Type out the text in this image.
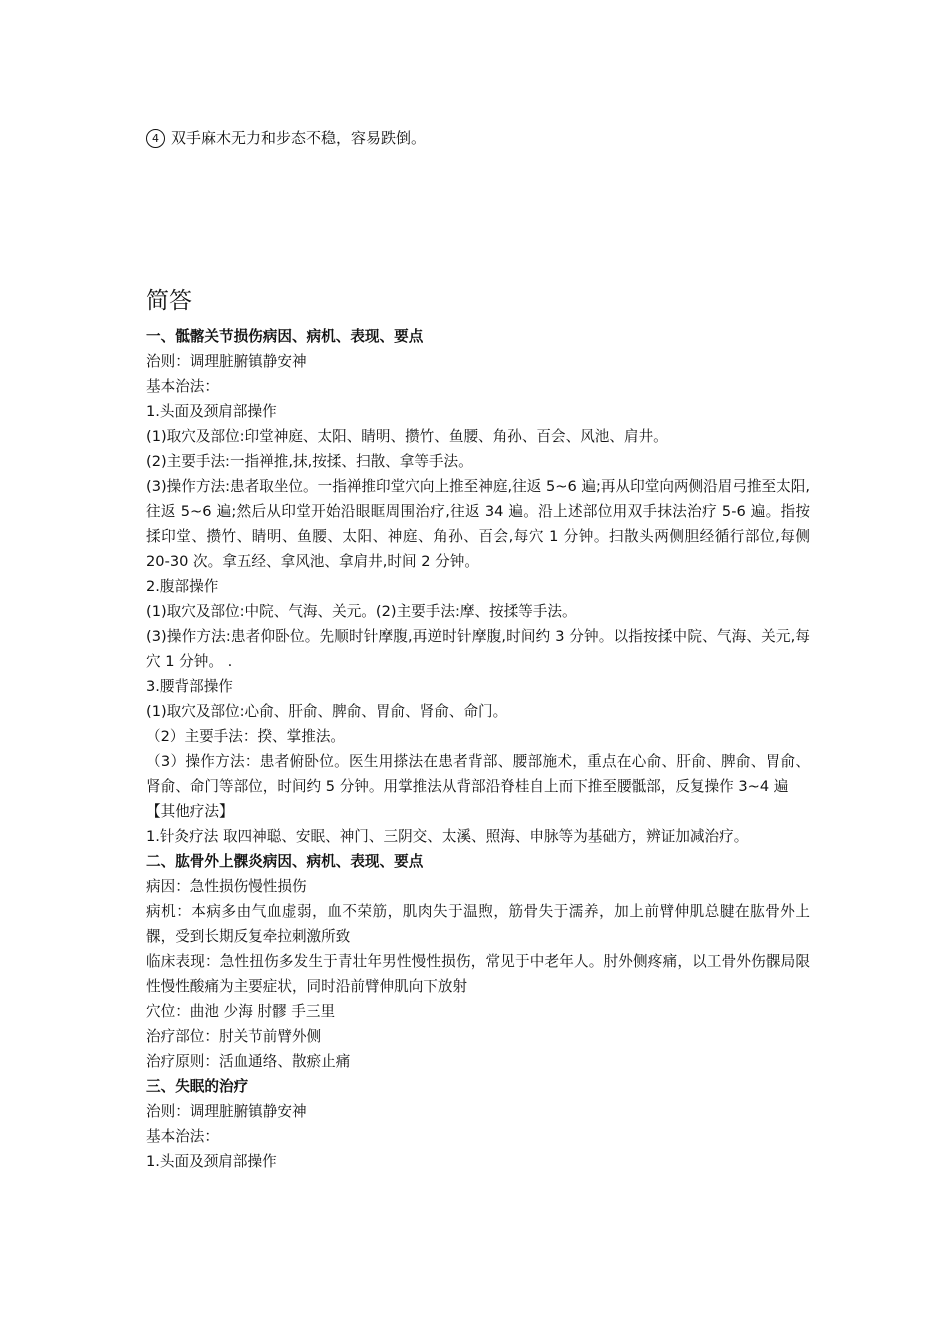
4 双手麻木无力和步态不稳，容易跌倒。
简答

一、骶髂关节损伤病因、病机、表现、要点

治则：调理脏腑镇静安神

基本治法：

1.头面及颈肩部操作

(1)取穴及部位:印堂神庭、太阳、睛明、攒竹、鱼腰、角孙、百会、风池、肩井。

(2)主要手法:一指禅推,抹,按揉、扫散、拿等手法。

(3)操作方法:患者取坐位。一指禅推印堂穴向上推至神庭,往返 5~6 遍;再从印堂向两侧沿眉弓推至太阳,往返 5~6 遍;然后从印堂开始沿眼眶周围治疗,往返 34 遍。沿上述部位用双手抹法治疗 5-6 遍。指按揉印堂、攒竹、睛明、鱼腰、太阳、神庭、角孙、百会,每穴 1 分钟。扫散头两侧胆经循行部位,每侧 20-30 次。拿五经、拿风池、拿肩井,时间 2 分钟。

2.腹部操作

(1)取穴及部位:中院、气海、关元。(2)主要手法:摩、按揉等手法。

(3)操作方法:患者仰卧位。先顺时针摩腹,再逆时针摩腹,时间约 3 分钟。以指按揉中院、气海、关元,每穴 1 分钟。 .

3.腰背部操作

(1)取穴及部位:心俞、肝俞、脾俞、胃俞、肾俞、命门。

（2）主要手法：揆、掌推法。

（3）操作方法：患者俯卧位。医生用搽法在患者背部、腰部施术，重点在心俞、肝俞、脾俞、胃俞、肾俞、命门等部位，时间约 5 分钟。用掌推法从背部沿脊桂自上而下推至腰骶部，反复操作 3~4 遍

【其他疗法】

1.针灸疗法 取四神聪、安眠、神门、三阴交、太溪、照海、申脉等为基础方，辨证加减治疗。

二、肱骨外上髁炎病因、病机、表现、要点

病因：急性损伤慢性损伤

病机：本病多由气血虚弱，血不荣筋，肌肉失于温煦，筋骨失于濡养，加上前臂伸肌总腱在肱骨外上髁，受到长期反复牵拉刺激所致

临床表现：急性扭伤多发生于青壮年男性慢性损伤，常见于中老年人。肘外侧疼痛，以工骨外伤髁局限性慢性酸痛为主要症状，同时沿前臂伸肌向下放射

穴位：曲池 少海 肘髎 手三里

治疗部位：肘关节前臂外侧

治疗原则：活血通络、散瘀止痛

三、失眠的治疗

治则：调理脏腑镇静安神

基本治法：

1.头面及颈肩部操作
